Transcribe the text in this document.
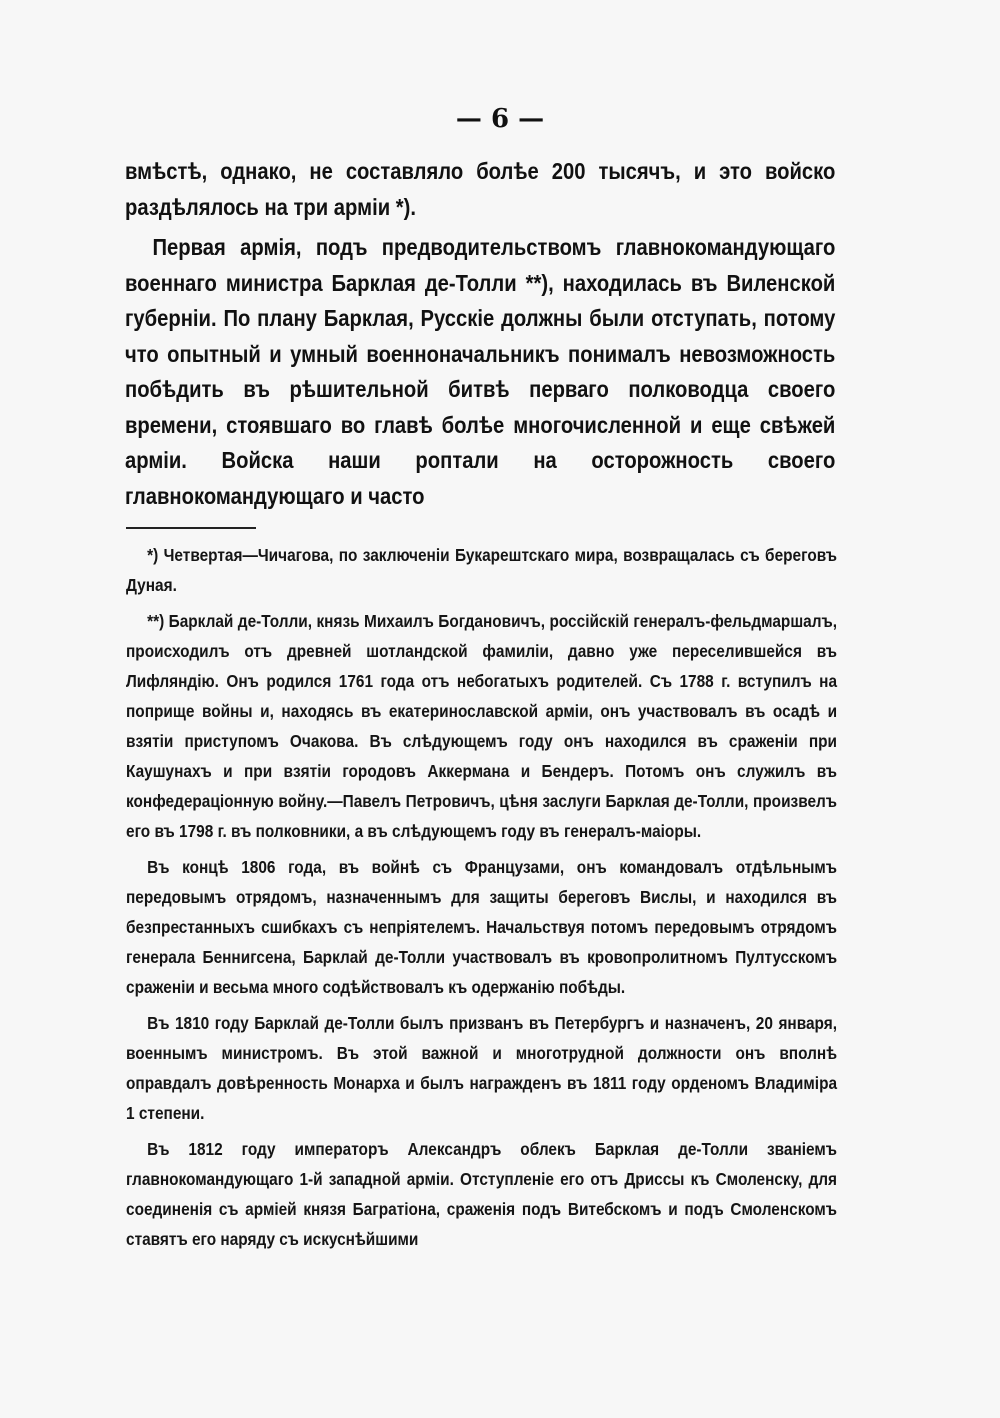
— 6 —

вмѣстѣ, однако, не составляло болѣе 200 тысячъ, и это войско раздѣлялось на три арміи *).

Первая армія, подъ предводительствомъ главнокомандующаго военнаго министра Барклая де-Толли **), находилась въ Виленской губерніи. По плану Барклая, Русскіе должны были отступать, потому что опытный и умный военноначальникъ понималъ невозможность побѣдить въ рѣшительной битвѣ перваго полководца своего времени, стоявшаго во главѣ болѣе многочисленной и еще свѣжей арміи. Войска наши роптали на осторожность своего главнокомандующаго и часто

*) Четвертая—Чичагова, по заключеніи Букарештскаго мира, возвращалась съ береговъ Дуная.

**) Барклай де-Толли, князь Михаилъ Богдановичъ, россійскій генералъ-фельдмаршалъ, происходилъ отъ древней шотландской фамиліи, давно уже переселившейся въ Лифляндію. Онъ родился 1761 года отъ небогатыхъ родителей. Съ 1788 г. вступилъ на поприще войны и, находясь въ екатеринославской арміи, онъ участвовалъ въ осадѣ и взятіи приступомъ Очакова. Въ слѣдующемъ году онъ находился въ сраженіи при Каушунахъ и при взятіи городовъ Аккермана и Бендеръ. Потомъ онъ служилъ въ конфедераціонную войну.—Павелъ Петровичъ, цѣня заслуги Барклая де-Толли, произвелъ его въ 1798 г. въ полковники, а въ слѣдующемъ году въ генералъ-маіоры.

Въ концѣ 1806 года, въ войнѣ съ Французами, онъ командовалъ отдѣльнымъ передовымъ отрядомъ, назначеннымъ для защиты береговъ Вислы, и находился въ безпрестанныхъ сшибкахъ съ непріятелемъ. Начальствуя потомъ передовымъ отрядомъ генерала Беннигсена, Барклай де-Толли участвовалъ въ кровопролитномъ Пултусскомъ сраженіи и весьма много содѣйствовалъ къ одержанію побѣды.

Въ 1810 году Барклай де-Толли былъ призванъ въ Петербургъ и назначенъ, 20 января, военнымъ министромъ. Въ этой важной и многотрудной должности онъ вполнѣ оправдалъ довѣренность Монарха и былъ награжденъ въ 1811 году орденомъ Владиміра 1 степени.

Въ 1812 году императоръ Александръ облекъ Барклая де-Толли званіемъ главнокомандующаго 1-й западной арміи. Отступленіе его отъ Дриссы къ Смоленску, для соединенія съ арміей князя Багратіона, сраженія подъ Витебскомъ и подъ Смоленскомъ ставятъ его наряду съ искуснѣйшими
